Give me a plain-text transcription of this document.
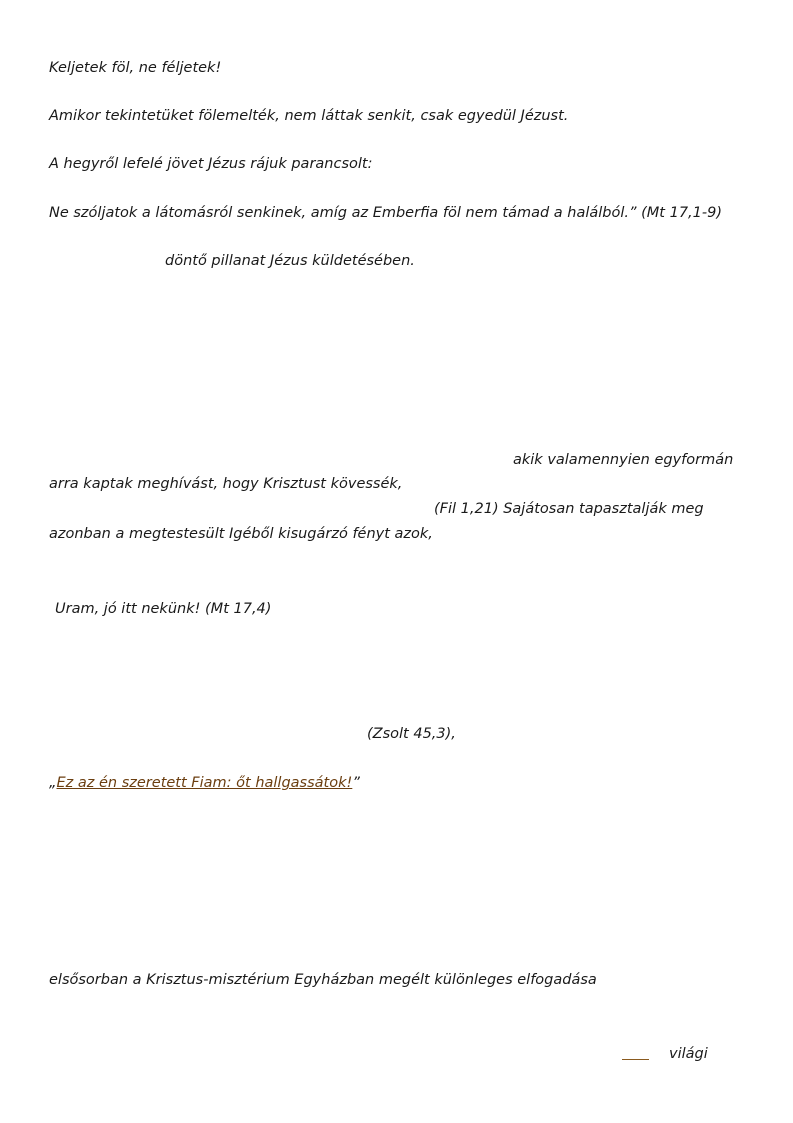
Keljetek föl, ne féljetek!
Amikor tekintetüket fölemelték, nem láttak senkit, csak egyedül Jézust.
A hegyről lefelé jövet Jézus rájuk parancsolt:
Ne szóljatok a látomásról senkinek, amíg az Emberfia föl nem támad a halálból.” (Mt 17,1-9)
döntő pillanat Jézus küldetésében.
akik valamennyien egyformán
arra kaptak meghívást, hogy Krisztust kövessék,
(Fil 1,21) Sajátosan tapasztalják meg
azonban a megtestesült Igéből kisugárzó fényt azok,
Uram, jó itt nekünk! (Mt 17,4)
(Zsolt 45,3),
„Ez az én szeretett Fiam: őt hallgassátok!”
elsősorban a Krisztus-misztérium Egyházban megélt különleges elfogadása
világi
